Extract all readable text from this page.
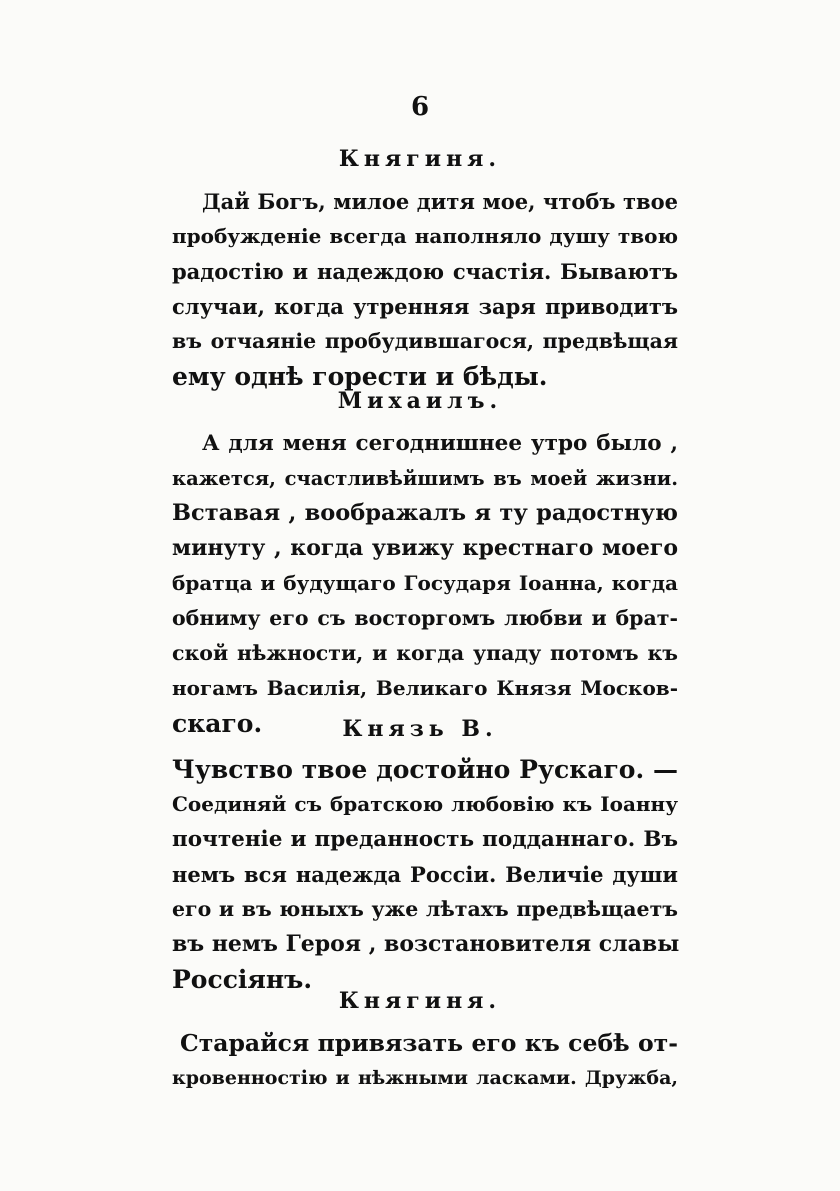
6
Княгиня.
Дай Богъ, милое дитя мое, чтобъ твое
пробужденіе всегда наполняло душу твою
радостію и надеждою счастія. Бываютъ
случаи, когда утренняя заря приводитъ
въ отчаяніе пробудившагося, предвѣщая
ему однѣ горести и бѣды.
Михаилъ.
А для меня сегоднишнее утро было ,
кажется, счастливѣйшимъ въ моей жизни.
Вставая , воображалъ я ту радостную
минуту , когда увижу крестнаго моего
братца и будущаго Государя Іоанна, когда
обниму его съ восторгомъ любви и брат-
ской нѣжности, и когда упаду потомъ къ
ногамъ Василія, Великаго Князя Москов-
скаго.	Князь В.
Чувство твое достойно Рускаго. —
Соединяй съ братскою любовію къ Іоанну
почтеніе и преданность подданнаго. Въ
немъ вся надежда Россіи. Величіе души
его и въ юныхъ уже лѣтахъ предвѣщаетъ
въ немъ Героя , возстановителя славы
Россіянъ.
Княгиня.
Старайся привязать его къ себѣ от-
кровенностію и нѣжными ласками. Дружба,
